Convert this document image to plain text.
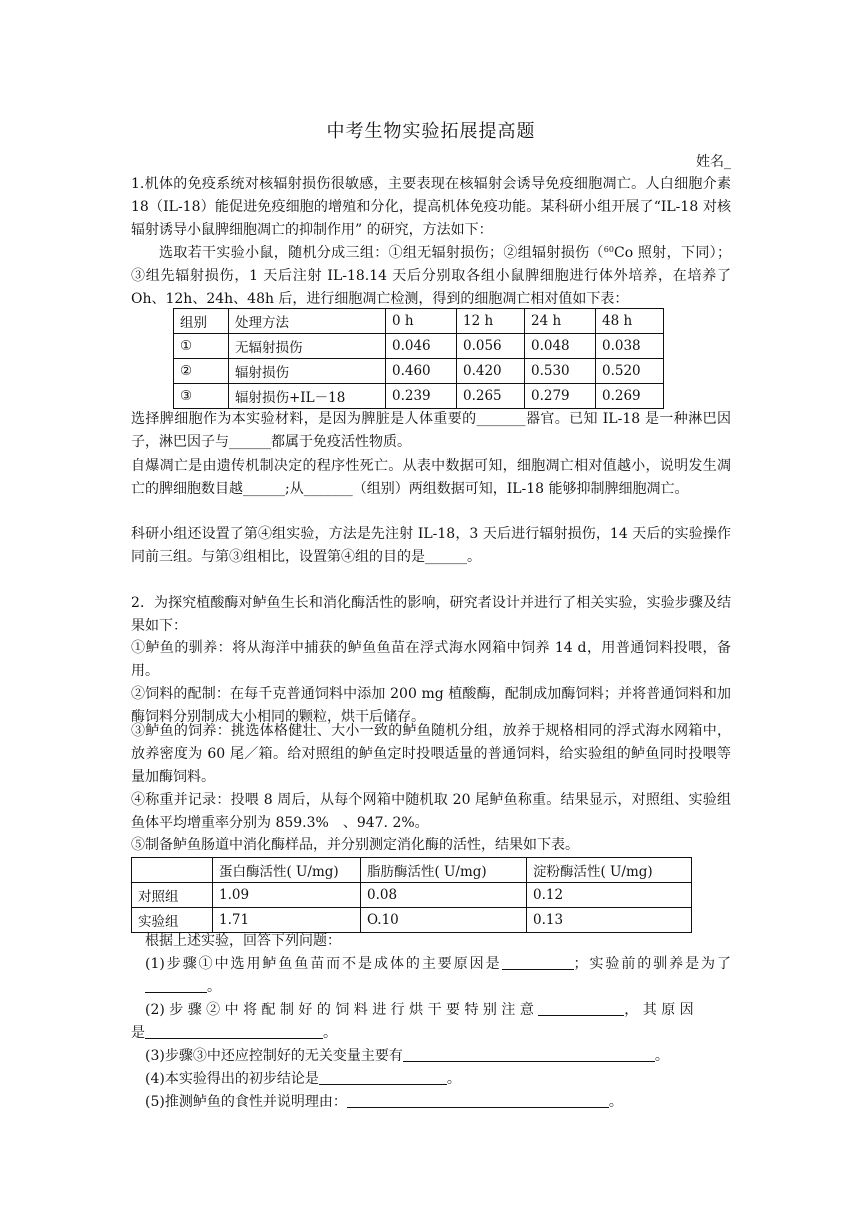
中考生物实验拓展提高题
姓名_

1.机体的免疫系统对核辐射损伤很敏感，主要表现在核辐射会诱导免疫细胞凋亡。人白细胞介素 18（IL-18）能促进免疫细胞的增殖和分化，提高机体免疫功能。某科研小组开展了“IL-18 对核辐射诱导小鼠脾细胞凋亡的抑制作用” 的研究，方法如下：

选取若干实验小鼠，随机分成三组：①组无辐射损伤；②组辐射损伤（$^{60}$Co 照射，下同）；③组先辐射损伤，1 天后注射 IL-18.14 天后分别取各组小鼠脾细胞进行体外培养，在培养了 Oh、12h、24h、48h 后，进行细胞凋亡检测，得到的细胞凋亡相对值如下表：

组别	处理方法	0 h	12 h	24 h	48 h
①	无辐射损伤	0.046	0.056	0.048	0.038
②	辐射损伤	0.460	0.420	0.530	0.520
③	辐射损伤+IL－18	0.239	0.265	0.279	0.269
选择脾细胞作为本实验材料，是因为脾脏是人体重要的_______器官。已知 IL-18 是一种淋巴因子，淋巴因子与______都属于免疫活性物质。
自爆凋亡是由遗传机制决定的程序性死亡。从表中数据可知，细胞凋亡相对值越小，说明发生凋亡的脾细胞数目越______;从_______（组别）两组数据可知，IL-18 能够抑制脾细胞凋亡。
科研小组还设置了第④组实验，方法是先注射 IL-18，3 天后进行辐射损伤，14 天后的实验操作同前三组。与第③组相比，设置第④组的目的是______。
2．为探究植酸酶对鲈鱼生长和消化酶活性的影响，研究者设计并进行了相关实验，实验步骤及结果如下：
①鲈鱼的驯养：将从海洋中捕获的鲈鱼鱼苗在浮式海水网箱中饲养 14 d，用普通饲料投喂，备用。
②饲料的配制：在每千克普通饲料中添加 200 mg 植酸酶，配制成加酶饲料；并将普通饲料和加酶饲料分别制成大小相同的颗粒，烘干后储存。
③鲈鱼的饲养：挑选体格健壮、大小一致的鲈鱼随机分组，放养于规格相同的浮式海水网箱中，放养密度为 60 尾／箱。给对照组的鲈鱼定时投喂适量的普通饲料，给实验组的鲈鱼同时投喂等量加酶饲料。
④称重并记录：投喂 8 周后，从每个网箱中随机取 20 尾鲈鱼称重。结果显示，对照组、实验组鱼体平均增重率分别为 859.3%　、947. 2%。
⑤制备鲈鱼肠道中消化酶样品，并分别测定消化酶的活性，结果如下表。
	蛋白酶活性( U/mg)	脂肪酶活性( U/mg)	淀粉酶活性( U/mg)
对照组	1.09	0.08	0.12
实验组	1.71	O.10	0.13
根据上述实验，回答下列问题：
(1)步骤①中选用鲈鱼鱼苗而不是成体的主要原因是	；实验前的驯养是为了。
(2) 步 骤 ② 中 将 配 制 好 的 饲 料 进 行 烘 干 要 特 别 注 意	， 其 原 因
是	。
(3)步骤③中还应控制好的无关变量主要有	。
(4)本实验得出的初步结论是	。
(5)推测鲈鱼的食性并说明理由：	。
